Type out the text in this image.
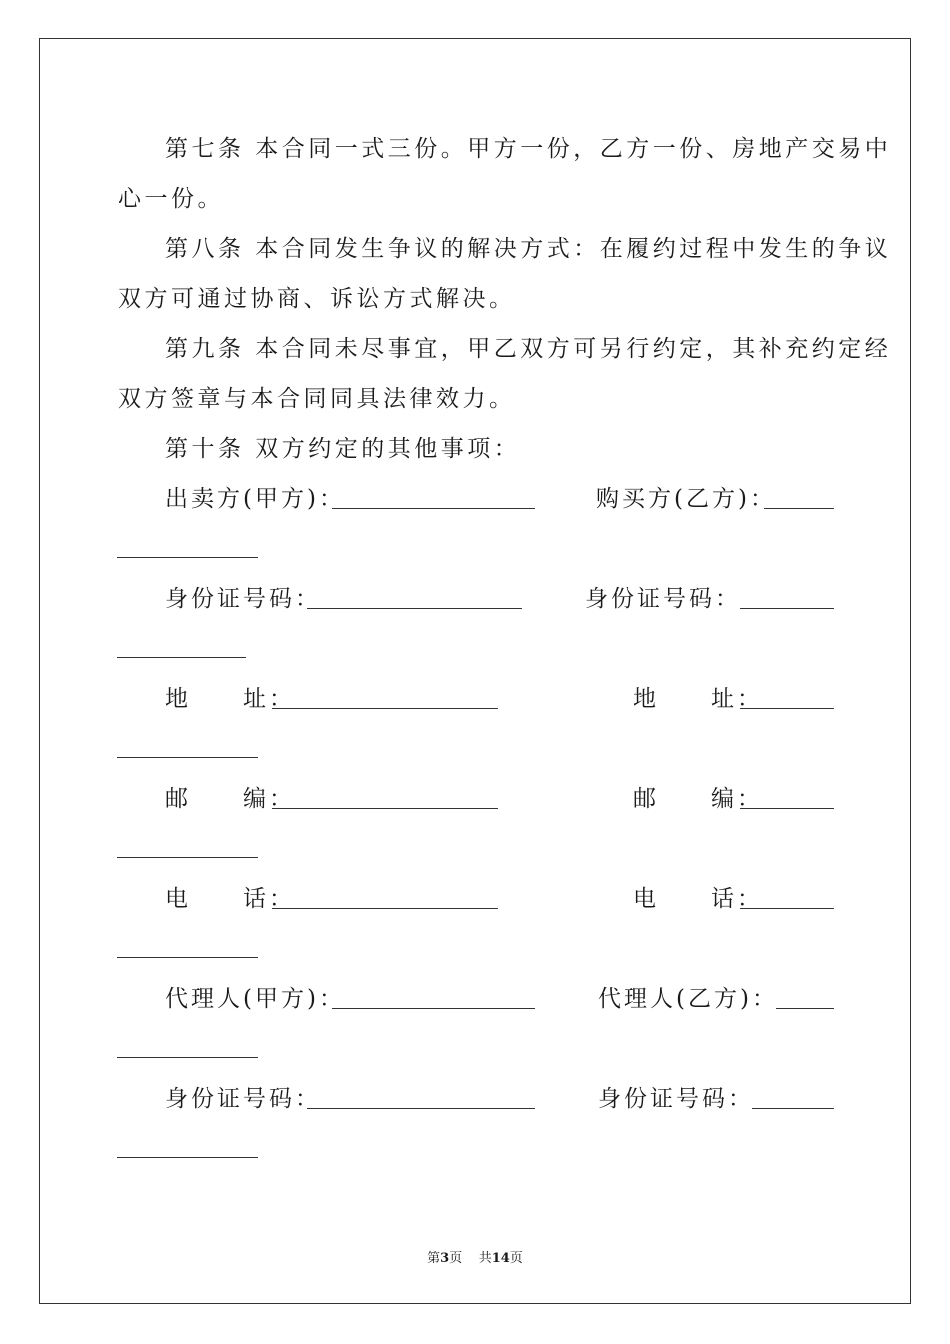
第七条 本合同一式三份。甲方一份，乙方一份、房地产交易中
心一份。
第八条 本合同发生争议的解决方式：在履约过程中发生的争议
双方可通过协商、诉讼方式解决。
第九条 本合同未尽事宜，甲乙双方可另行约定，其补充约定经
双方签章与本合同同具法律效力。
第十条 双方约定的其他事项：
出卖方(甲方)：	购买方(乙方)：
身份证号码：	身份证号码：
地　　址：	地　　址：
邮　　编：	邮　　编：
电　　话：	电　　话：
代理人(甲方)：	代理人(乙方)：
身份证号码：	身份证号码：
第3页 共14页
